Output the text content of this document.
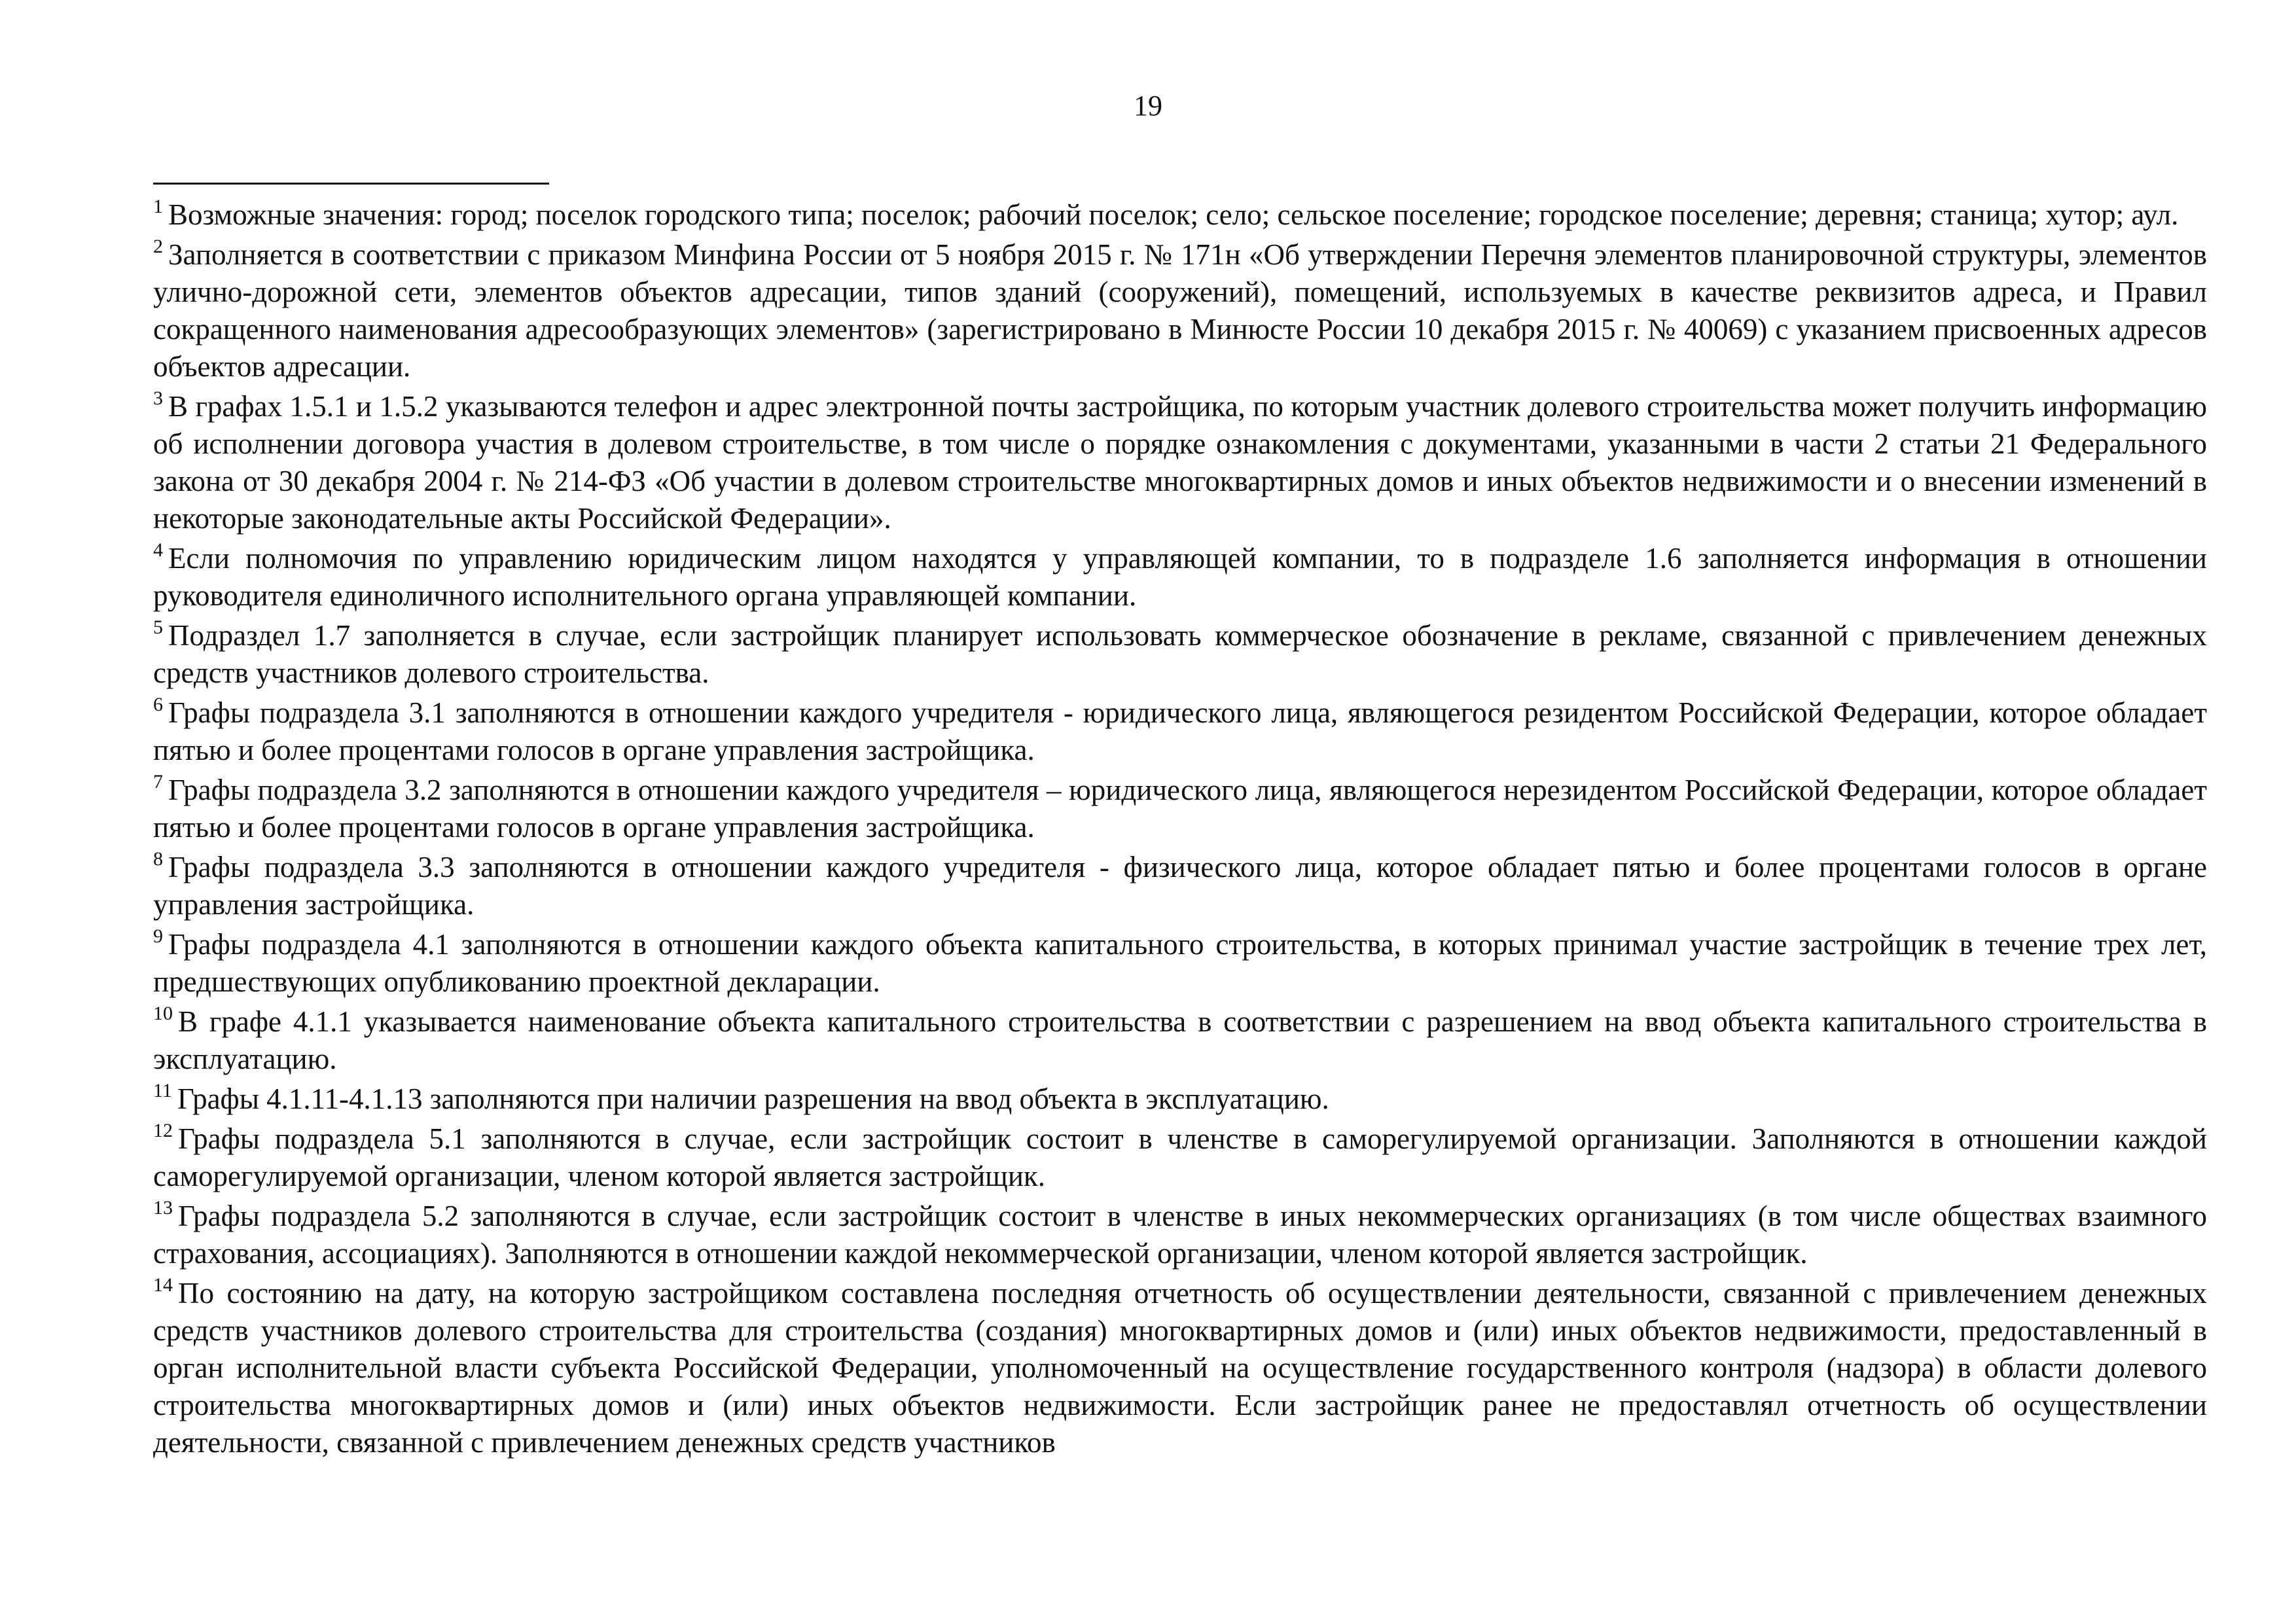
19

$^1$ Возможные значения: город; поселок городского типа; поселок; рабочий поселок; село; сельское поселение; городское поселение; деревня; станица; хутор; аул.

$^2$ Заполняется в соответствии с приказом Минфина России от 5 ноября 2015 г. № 171н «Об утверждении Перечня элементов планировочной структуры, элементов улично-дорожной сети, элементов объектов адресации, типов зданий (сооружений), помещений, используемых в качестве реквизитов адреса, и Правил сокращенного наименования адресообразующих элементов» (зарегистрировано в Минюсте России 10 декабря 2015 г. № 40069) с указанием присвоенных адресов объектов адресации.

$^3$ В графах 1.5.1 и 1.5.2 указываются телефон и адрес электронной почты застройщика, по которым участник долевого строительства может получить информацию об исполнении договора участия в долевом строительстве, в том числе о порядке ознакомления с документами, указанными в части 2 статьи 21 Федерального закона от 30 декабря 2004 г. № 214-ФЗ «Об участии в долевом строительстве многоквартирных домов и иных объектов недвижимости и о внесении изменений в некоторые законодательные акты Российской Федерации».

$^4$ Если полномочия по управлению юридическим лицом находятся у управляющей компании, то в подразделе 1.6 заполняется информация в отношении руководителя единоличного исполнительного органа управляющей компании.

$^5$ Подраздел 1.7 заполняется в случае, если застройщик планирует использовать коммерческое обозначение в рекламе, связанной с привлечением денежных средств участников долевого строительства.

$^6$ Графы подраздела 3.1 заполняются в отношении каждого учредителя - юридического лица, являющегося резидентом Российской Федерации, которое обладает пятью и более процентами голосов в органе управления застройщика.

$^7$ Графы подраздела 3.2 заполняются в отношении каждого учредителя – юридического лица, являющегося нерезидентом Российской Федерации, которое обладает пятью и более процентами голосов в органе управления застройщика.

$^8$ Графы подраздела 3.3 заполняются в отношении каждого учредителя - физического лица, которое обладает пятью и более процентами голосов в органе управления застройщика.

$^9$ Графы подраздела 4.1 заполняются в отношении каждого объекта капитального строительства, в которых принимал участие застройщик в течение трех лет, предшествующих опубликованию проектной декларации.

$^{10}$ В графе 4.1.1 указывается наименование объекта капитального строительства в соответствии с разрешением на ввод объекта капитального строительства в эксплуатацию.

$^{11}$ Графы 4.1.11-4.1.13 заполняются при наличии разрешения на ввод объекта в эксплуатацию.

$^{12}$ Графы подраздела 5.1 заполняются в случае, если застройщик состоит в членстве в саморегулируемой организации. Заполняются в отношении каждой саморегулируемой организации, членом которой является застройщик.

$^{13}$ Графы подраздела 5.2 заполняются в случае, если застройщик состоит в членстве в иных некоммерческих организациях (в том числе обществах взаимного страхования, ассоциациях). Заполняются в отношении каждой некоммерческой организации, членом которой является застройщик.

$^{14}$ По состоянию на дату, на которую застройщиком составлена последняя отчетность об осуществлении деятельности, связанной с привлечением денежных средств участников долевого строительства для строительства (создания) многоквартирных домов и (или) иных объектов недвижимости, предоставленный в орган исполнительной власти субъекта Российской Федерации, уполномоченный на осуществление государственного контроля (надзора) в области долевого строительства многоквартирных домов и (или) иных объектов недвижимости. Если застройщик ранее не предоставлял отчетность об осуществлении деятельности, связанной с привлечением денежных средств участников
